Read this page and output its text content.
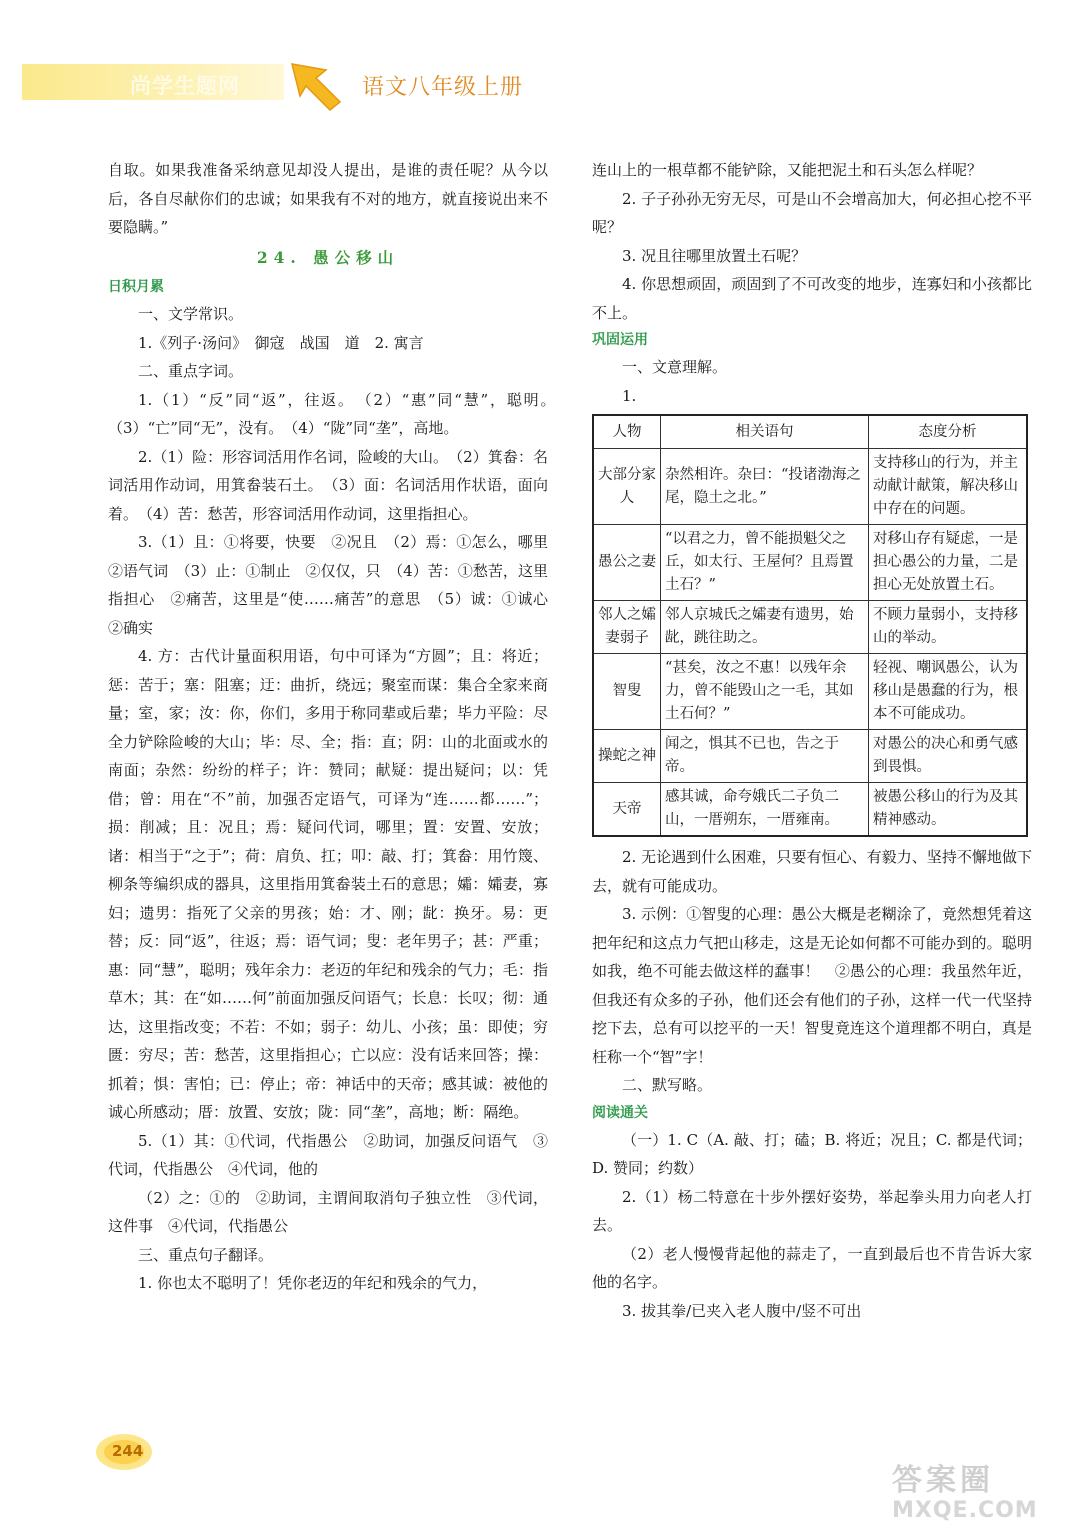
尚学生题网	语文八年级上册

自取。如果我准备采纳意见却没人提出，是谁的责任呢？从今以后，各自尽献你们的忠诚；如果我有不对的地方，就直接说出来不要隐瞒。”

24. 愚公移山
日积月累

一、文学常识。

1.《列子·汤问》　御寇　战国　道　2. 寓言

二、重点字词。

1.（1）“反”同“返”，往返。　（2）“惠”同“慧”，聪明。　（3）“亡”同“无”，没有。　（4）“陇”同“垄”，高地。

2.（1）险：形容词活用作名词，险峻的大山。　（2）箕畚：名词活用作动词，用箕畚装石土。　（3）面：名词活用作状语，面向着。　（4）苦：愁苦，形容词活用作动词，这里指担心。

3.（1）且：①将要，快要　②况且　（2）焉：①怎么，哪里　②语气词　（3）止：①制止　②仅仅，只　（4）苦：①愁苦，这里指担心　②痛苦，这里是“使……痛苦”的意思　（5）诚：①诚心　②确实

4. 方：古代计量面积用语，句中可译为“方圆”；且：将近；惩：苦于；塞：阻塞；迂：曲折，绕远；聚室而谋：集合全家来商量；室，家；汝：你，你们，多用于称同辈或后辈；毕力平险：尽全力铲除险峻的大山；毕：尽、全；指：直；阴：山的北面或水的南面；杂然：纷纷的样子；许：赞同；献疑：提出疑问；以：凭借；曾：用在“不”前，加强否定语气，可译为“连……都……”；损：削减；且：况且；焉：疑问代词，哪里；置：安置、安放；诸：相当于“之于”；荷：肩负、扛；叩：敲、打；箕畚：用竹篾、柳条等编织成的器具，这里指用箕畚装土石的意思；孀：孀妻，寡妇；遗男：指死了父亲的男孩；始：才、刚；龀：换牙。易：更替；反：同“返”，往返；焉：语气词；叟：老年男子；甚：严重；惠：同“慧”，聪明；残年余力：老迈的年纪和残余的气力；毛：指草木；其：在“如……何”前面加强反问语气；长息：长叹；彻：通达，这里指改变；不若：不如；弱子：幼儿、小孩；虽：即使；穷匮：穷尽；苦：愁苦，这里指担心；亡以应：没有话来回答；操：抓着；惧：害怕；已：停止；帝：神话中的天帝；感其诚：被他的诚心所感动；厝：放置、安放；陇：同“垄”，高地；断：隔绝。

5.（1）其：①代词，代指愚公　②助词，加强反问语气　③代词，代指愚公　④代词，他的

（2）之：①的　②助词，主谓间取消句子独立性　③代词，这件事　④代词，代指愚公

三、重点句子翻译。

1. 你也太不聪明了！凭你老迈的年纪和残余的气力，

连山上的一根草都不能铲除，又能把泥土和石头怎么样呢？

2. 子子孙孙无穷无尽，可是山不会增高加大，何必担心挖不平呢？

3. 况且往哪里放置土石呢？

4. 你思想顽固，顽固到了不可改变的地步，连寡妇和小孩都比不上。

巩固运用

一、文意理解。

1.

人物	相关语句	态度分析
大部分家人	杂然相许。杂曰：“投诸渤海之尾，隐土之北。”	支持移山的行为，并主动献计献策，解决移山中存在的问题。
愚公之妻	“以君之力，曾不能损魁父之丘，如太行、王屋何？且焉置土石？”	对移山存有疑虑，一是担心愚公的力量，二是担心无处放置土石。
邻人之孀妻弱子	邻人京城氏之孀妻有遗男，始龀，跳往助之。	不顾力量弱小，支持移山的举动。
智叟	“甚矣，汝之不惠！以残年余力，曾不能毁山之一毛，其如土石何？”	轻视、嘲讽愚公，认为移山是愚蠢的行为，根本不可能成功。
操蛇之神	闻之，惧其不已也，告之于帝。	对愚公的决心和勇气感到畏惧。
天帝	感其诚，命夸娥氏二子负二山，一厝朔东，一厝雍南。	被愚公移山的行为及其精神感动。

2. 无论遇到什么困难，只要有恒心、有毅力、坚持不懈地做下去，就有可能成功。

3. 示例：①智叟的心理：愚公大概是老糊涂了，竟然想凭着这把年纪和这点力气把山移走，这是无论如何都不可能办到的。聪明如我，绝不可能去做这样的蠢事！　②愚公的心理：我虽然年近，但我还有众多的子孙，他们还会有他们的子孙，这样一代一代坚持挖下去，总有可以挖平的一天！智叟竟连这个道理都不明白，真是枉称一个“智”字！

二、默写略。

阅读通关

（一）1. C（A. 敲、打；磕；B. 将近；况且；C. 都是代词；D. 赞同；约数）

2.（1）杨二特意在十步外摆好姿势，举起拳头用力向老人打去。

（2）老人慢慢背起他的蒜走了，一直到最后也不肯告诉大家他的名字。

3. 拔其拳/已夹入老人腹中/竖不可出

244
答案圈
MXQE.COM
